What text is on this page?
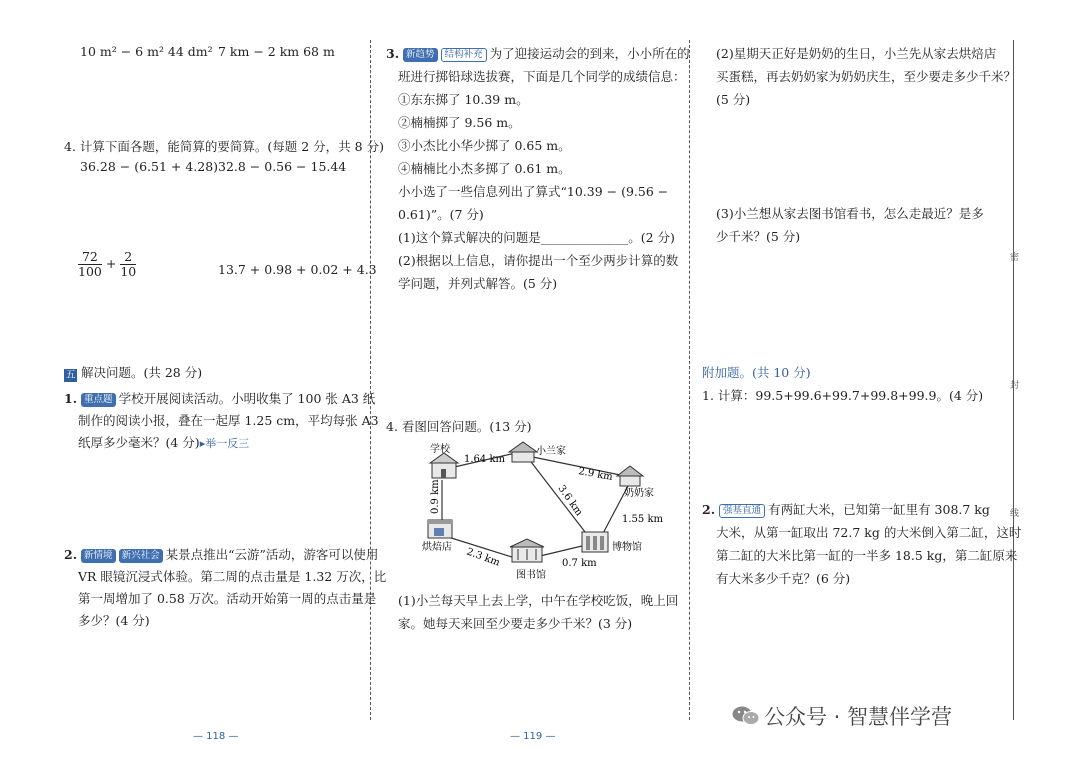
10 m² − 6 m² 44 dm² 7 km − 2 km 68 m
4. 计算下面各题，能简算的要简算。(每题 2 分，共 8 分)
36.28 − (6.51 + 4.28) 32.8 − 0.56 − 15.44
$\frac{72}{100} + \frac{2}{10}$	13.7 + 0.98 + 0.02 + 4.3
五 解决问题。(共 28 分)
1. 重点题 学校开展阅读活动。小明收集了 100 张 A3 纸
制作的阅读小报，叠在一起厚 1.25 cm，平均每张 A3
纸厚多少毫米？(4 分)▸举一反三
2. 新情境 新兴社会 某景点推出“云游”活动，游客可以使用
VR 眼镜沉浸式体验。第二周的点击量是 1.32 万次，比
第一周增加了 0.58 万次。活动开始第一周的点击量是
多少？(4 分)
— 118 —
3. 新趋势 结构补充 为了迎接运动会的到来，小小所在的
班进行掷铅球选拔赛，下面是几个同学的成绩信息：
①东东掷了 10.39 m。
②楠楠掷了 9.56 m。
③小杰比小华少掷了 0.65 m。
④楠楠比小杰多掷了 0.61 m。
小小选了一些信息列出了算式“10.39 − (9.56 −
0.61)”。(7 分)
(1)这个算式解决的问题是______________。(2 分)
(2)根据以上信息，请你提出一个至少两步计算的数
学问题，并列式解答。(5 分)
4. 看图回答问题。(13 分)
学校	小兰家
奶奶家
烘焙店
图书馆
博物馆
1.64 km
2.9 km
3.6 km
1.55 km
0.9 km
2.3 km	0.7 km
(1)小兰每天早上去上学，中午在学校吃饭，晚上回
家。她每天来回至少要走多少千米？(3 分)
— 119 —
(2)星期天正好是奶奶的生日，小兰先从家去烘焙店
买蛋糕，再去奶奶家为奶奶庆生，至少要走多少千米？
(5 分)
(3)小兰想从家去图书馆看书，怎么走最近？是多
少千米？(5 分)
附加题。(共 10 分)
1. 计算：99.5+99.6+99.7+99.8+99.9。(4 分)
2. 强基直通 有两缸大米，已知第一缸里有 308.7 kg
大米，从第一缸取出 72.7 kg 的大米倒入第二缸，这时
第二缸的大米比第一缸的一半多 18.5 kg，第二缸原来
有大米多少千克？(6 分)
密
封
线
公众号 · 智慧伴学营
